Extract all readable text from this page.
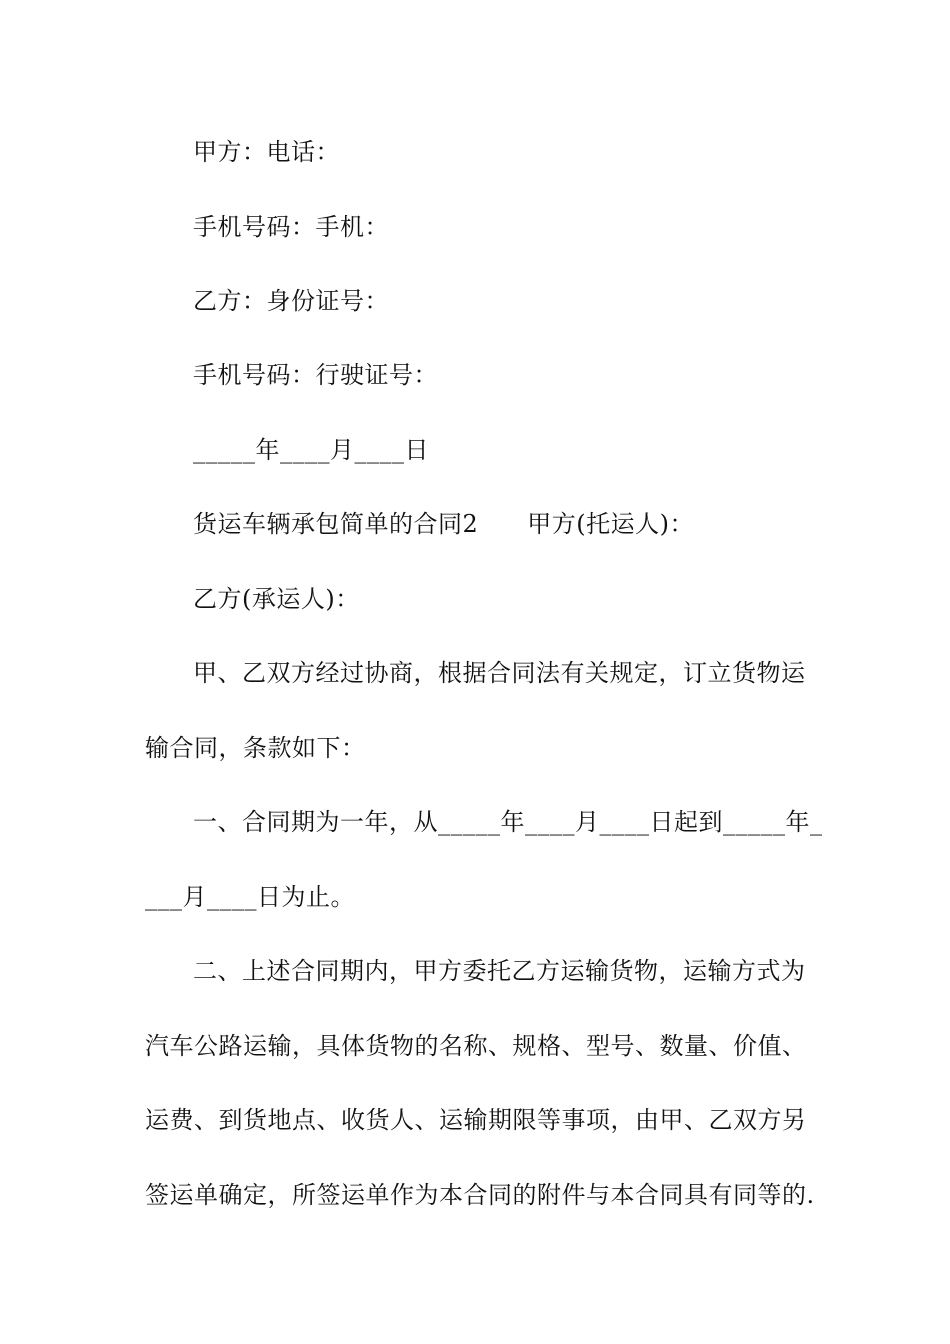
甲方：电话：
手机号码：手机：
乙方：身份证号：
手机号码：行驶证号：
_____年____月____日
货运车辆承包简单的合同2　　甲方(托运人)：
乙方(承运人)：
甲、乙双方经过协商，根据合同法有关规定，订立货物运
输合同，条款如下：
一、合同期为一年，从_____年____月____日起到_____年_
___月____日为止。
二、上述合同期内，甲方委托乙方运输货物，运输方式为
汽车公路运输，具体货物的名称、规格、型号、数量、价值、
运费、到货地点、收货人、运输期限等事项，由甲、乙双方另
签运单确定，所签运单作为本合同的附件与本合同具有同等的.
